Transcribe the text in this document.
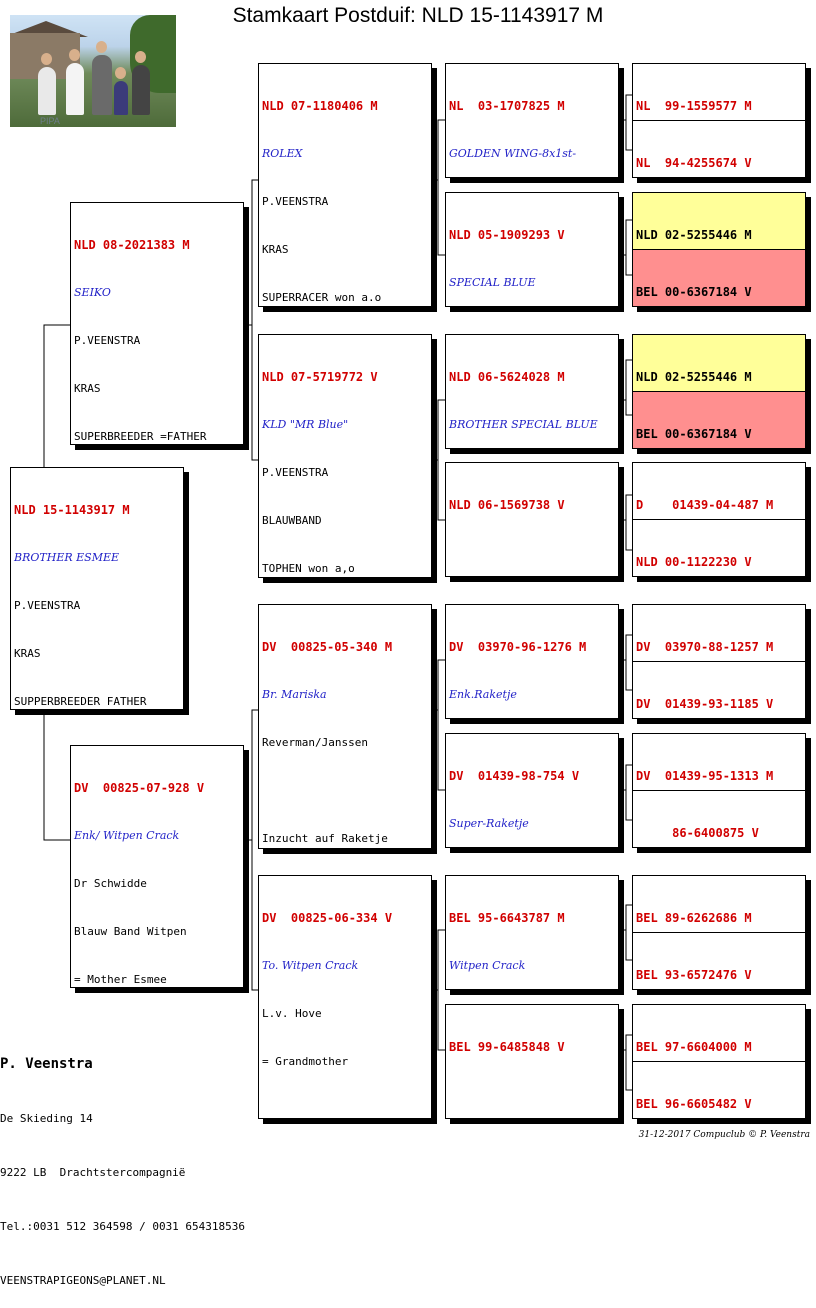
Stamkaart Postduif: NLD 15-1143917 M
PIPA

NLD 15-1143917 M

BROTHER ESMEE

P.VEENSTRA

KRAS

SUPPERBREEDER FATHER

NLD 08-2021383 M

SEIKO

P.VEENSTRA

KRAS

SUPERBREEDER =FATHER

DV  00825-07-928 V

Enk/ Witpen Crack

Dr Schwidde

Blauw Band Witpen

= Mother Esmee

NLD 07-1180406 M

ROLEX

P.VEENSTRA

KRAS

SUPERRACER won a.o

NLD 07-5719772 V

KLD "MR Blue"

P.VEENSTRA

BLAUWBAND

TOPHEN won a,o

DV  00825-05-340 M

Br. Mariska

Reverman/Janssen

Inzucht auf Raketje

DV  00825-06-334 V

To. Witpen Crack

L.v. Hove

= Grandmother

NL  03-1707825 M

GOLDEN WING-8x1st-

NLD 05-1909293 V

SPECIAL BLUE

NLD 06-5624028 M

BROTHER SPECIAL BLUE

NLD 06-1569738 V

DV  03970-96-1276 M

Enk.Raketje

DV  01439-98-754 V

Super-Raketje

BEL 95-6643787 M

Witpen Crack

BEL 99-6485848 V

NL  99-1559577 M

NL  94-4255674 V

NLD 02-5255446 M

BEL 00-6367184 V

NLD 02-5255446 M

BEL 00-6367184 V

D    01439-04-487 M

NLD 00-1122230 V

DV  03970-88-1257 M

DV  01439-93-1185 V

DV  01439-95-1313 M

86-6400875 V

BEL 89-6262686 M

BEL 93-6572476 V

BEL 97-6604000 M

BEL 96-6605482 V

P. Veenstra

De Skieding 14

9222 LB  Drachtstercompagnië

Tel.:0031 512 364598 / 0031 654318536

VEENSTRAPIGEONS@PLANET.NL

31-12-2017 Compuclub © P. Veenstra
